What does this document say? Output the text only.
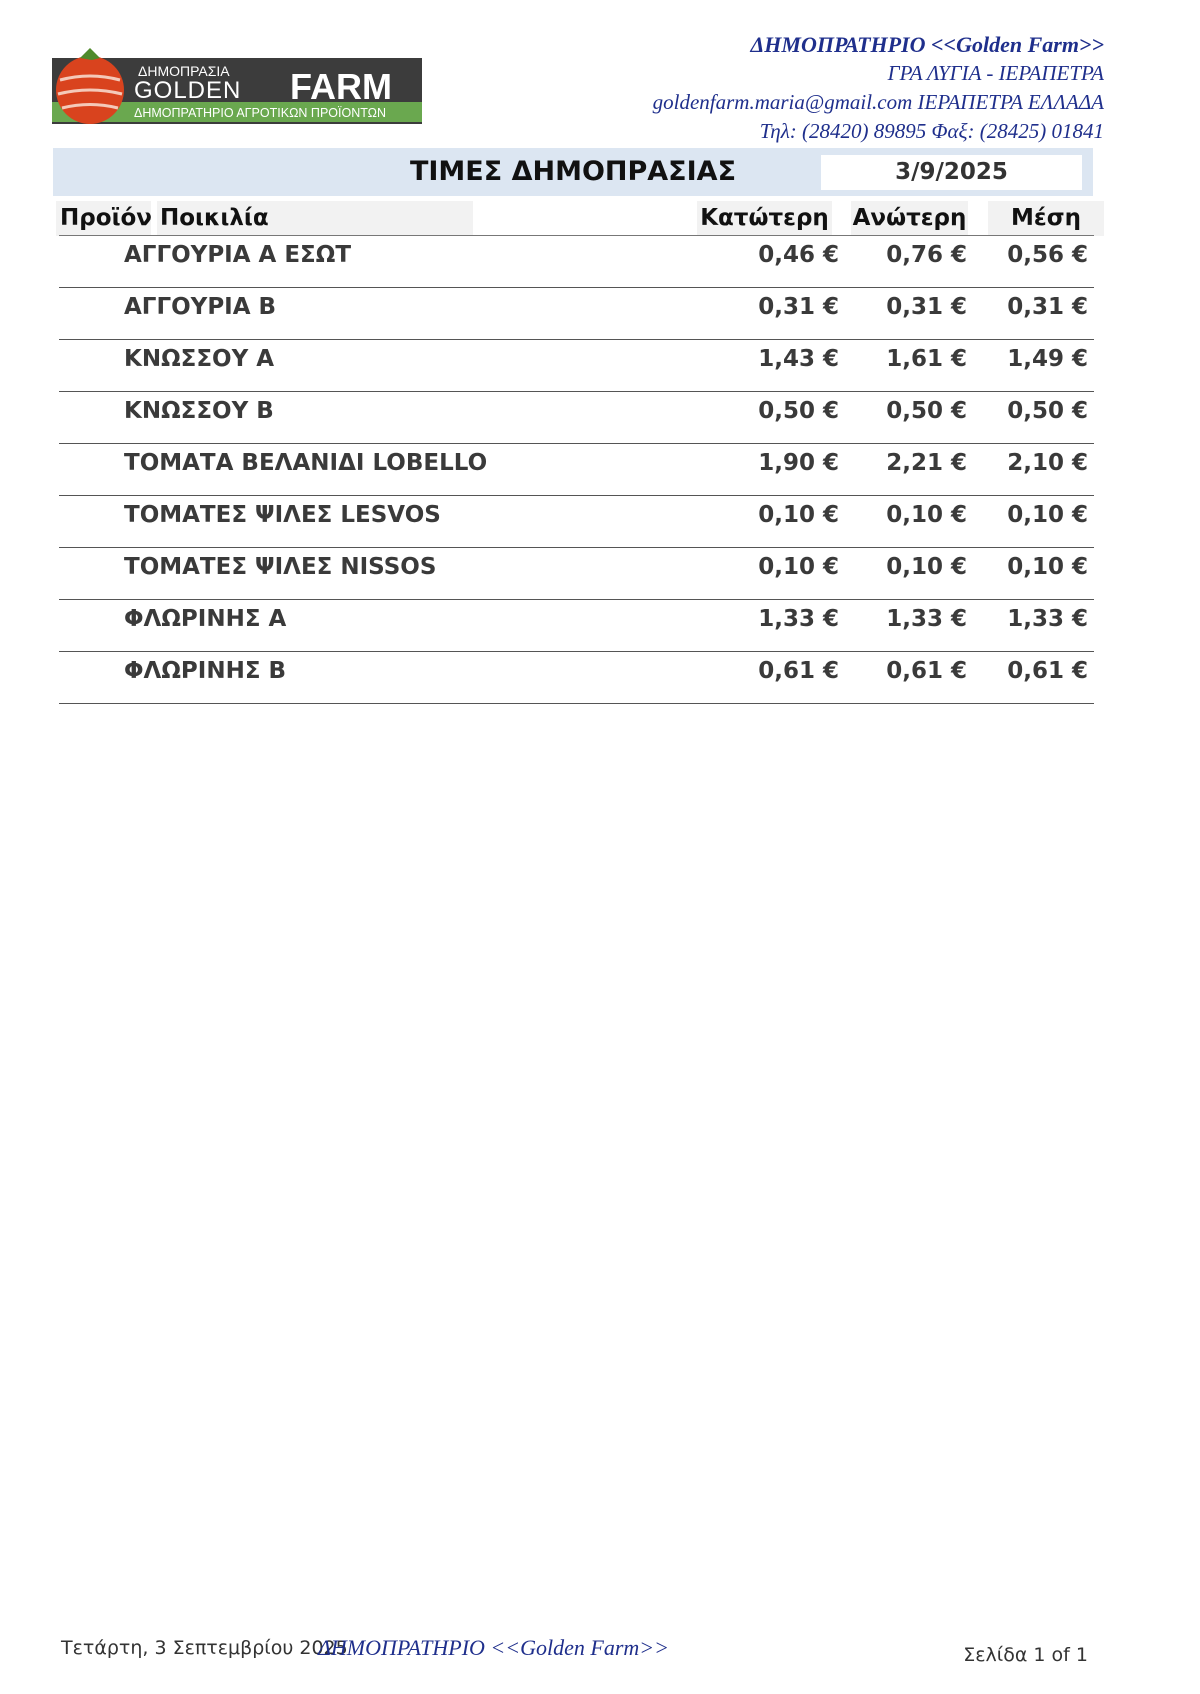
ΔΗΜΟΠΡΑΣΙΑ
GOLDEN FARM
ΔΗΜΟΠΡΑΤΗΡΙΟ ΑΓΡΟΤΙΚΩΝ ΠΡΟΪΟΝΤΩΝ
ΔΗΜΟΠΡΑΤΗΡΙΟ <<Golden Farm>>
ΓΡΑ ΛΥΓΙΑ - ΙΕΡΑΠΕΤΡΑ
goldenfarm.maria@gmail.com ΙΕΡΑΠΕΤΡΑ ΕΛΛΑΔΑ
Τηλ: (28420) 89895 Φαξ: (28425) 01841
ΤΙΜΕΣ ΔΗΜΟΠΡΑΣΙΑΣ	3/9/2025
Προϊόν Ποικιλία	Κατώτερη Ανώτερη	Μέση
ΑΓΓΟΥΡΙΑ Α ΕΣΩΤ	0,46 € 0,76 € 0,56 €
ΑΓΓΟΥΡΙΑ Β	0,31 € 0,31 € 0,31 €
ΚΝΩΣΣΟΥ Α	1,43 € 1,61 € 1,49 €
ΚΝΩΣΣΟΥ Β	0,50 € 0,50 € 0,50 €
ΤΟΜΑΤΑ ΒΕΛΑΝΙΔΙ LOBELLO	1,90 € 2,21 € 2,10 €
ΤΟΜΑΤΕΣ ΨΙΛΕΣ LESVOS	0,10 € 0,10 € 0,10 €
ΤΟΜΑΤΕΣ ΨΙΛΕΣ NISSOS	0,10 € 0,10 € 0,10 €
ΦΛΩΡΙΝΗΣ Α	1,33 € 1,33 € 1,33 €
ΦΛΩΡΙΝΗΣ Β	0,61 € 0,61 € 0,61 €
Τετάρτη, 3 Σεπτεμβρίου 2025
ΔΗΜΟΠΡΑΤΗΡΙΟ <<Golden Farm>>	Σελίδα 1 of 1
